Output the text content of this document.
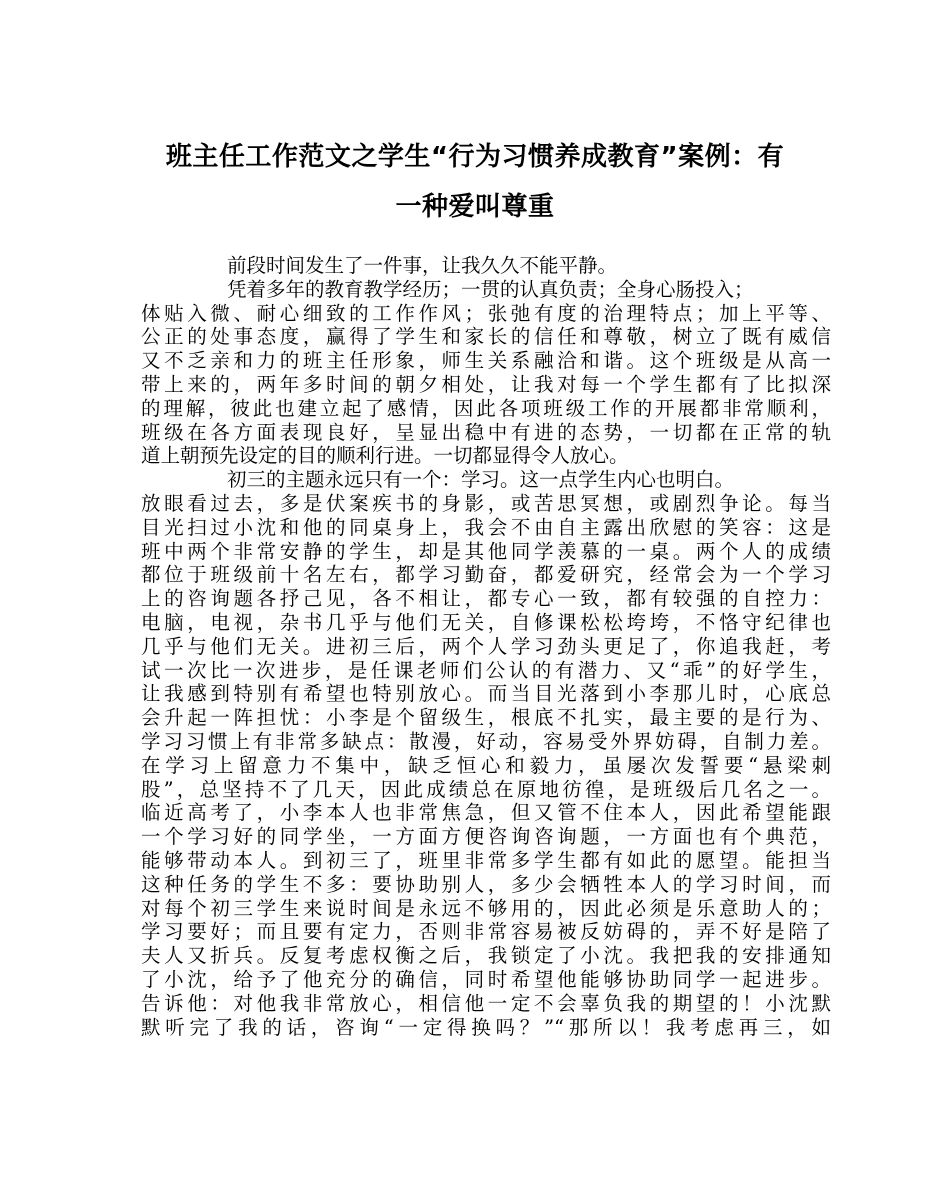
班主任工作范文之学生“行为习惯养成教育”案例：有
一种爱叫尊重
前段时间发生了一件事，让我久久不能平静。
凭着多年的教育教学经历；一贯的认真负责；全身心肠投入；
体贴入微、耐心细致的工作作风；张弛有度的治理特点；加上平等、
公正的处事态度，赢得了学生和家长的信任和尊敬，树立了既有威信
又不乏亲和力的班主任形象，师生关系融洽和谐。这个班级是从高一
带上来的，两年多时间的朝夕相处，让我对每一个学生都有了比拟深
的理解，彼此也建立起了感情，因此各项班级工作的开展都非常顺利，
班级在各方面表现良好，呈显出稳中有进的态势，一切都在正常的轨
道上朝预先设定的目的顺利行进。一切都显得令人放心。
初三的主题永远只有一个：学习。这一点学生内心也明白。
放眼看过去，多是伏案疾书的身影，或苦思冥想，或剧烈争论。每当
目光扫过小沈和他的同桌身上，我会不由自主露出欣慰的笑容：这是
班中两个非常安静的学生，却是其他同学羡慕的一桌。两个人的成绩
都位于班级前十名左右，都学习勤奋，都爱研究，经常会为一个学习
上的咨询题各抒己见，各不相让，都专心一致，都有较强的自控力：
电脑，电视，杂书几乎与他们无关，自修课松松垮垮，不恪守纪律也
几乎与他们无关。进初三后，两个人学习劲头更足了，你追我赶，考
试一次比一次进步，是任课老师们公认的有潜力、又“乖”的好学生，
让我感到特别有希望也特别放心。而当目光落到小李那儿时，心底总
会升起一阵担忧：小李是个留级生，根底不扎实，最主要的是行为、
学习习惯上有非常多缺点：散漫，好动，容易受外界妨碍，自制力差。
在学习上留意力不集中，缺乏恒心和毅力，虽屡次发誓要“悬梁刺
股”，总坚持不了几天，因此成绩总在原地彷徨，是班级后几名之一。
临近高考了，小李本人也非常焦急，但又管不住本人，因此希望能跟
一个学习好的同学坐，一方面方便咨询咨询题，一方面也有个典范，
能够带动本人。到初三了，班里非常多学生都有如此的愿望。能担当
这种任务的学生不多：要协助别人，多少会牺牲本人的学习时间，而
对每个初三学生来说时间是永远不够用的，因此必须是乐意助人的；
学习要好；而且要有定力，否则非常容易被反妨碍的，弄不好是陪了
夫人又折兵。反复考虑权衡之后，我锁定了小沈。我把我的安排通知
了小沈，给予了他充分的确信，同时希望他能够协助同学一起进步。
告诉他：对他我非常放心，相信他一定不会辜负我的期望的！小沈默
默听完了我的话，咨询“一定得换吗？”“那所以！我考虑再三，如
